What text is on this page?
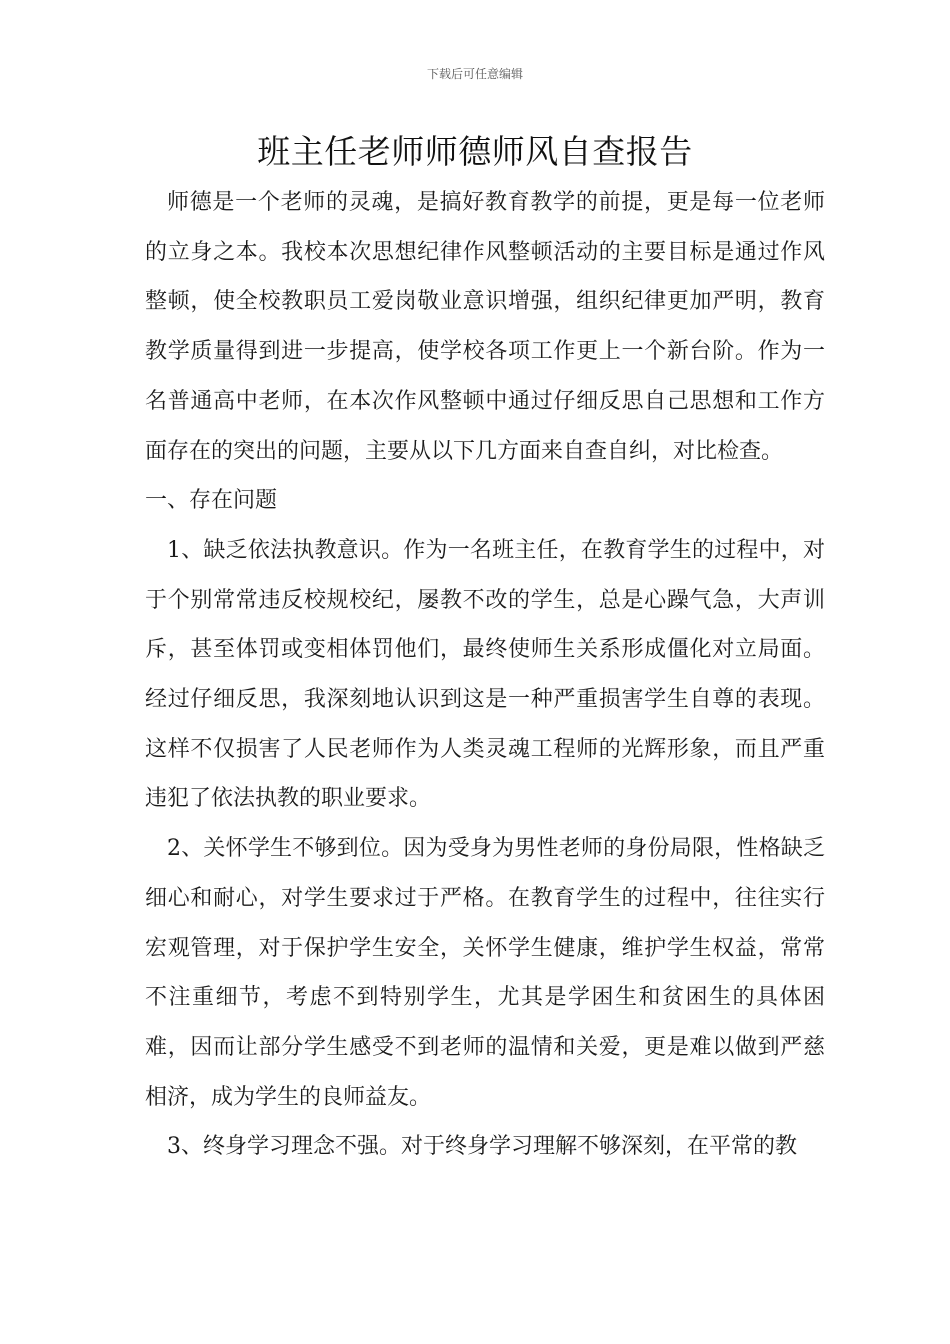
下载后可任意编辑
班主任老师师德师风自查报告

师德是一个老师的灵魂，是搞好教育教学的前提，更是每一位老师的立身之本。我校本次思想纪律作风整顿活动的主要目标是通过作风整顿，使全校教职员工爱岗敬业意识增强，组织纪律更加严明，教育教学质量得到进一步提高，使学校各项工作更上一个新台阶。作为一名普通高中老师，在本次作风整顿中通过仔细反思自己思想和工作方面存在的突出的问题，主要从以下几方面来自查自纠，对比检查。

一、存在问题

1、缺乏依法执教意识。作为一名班主任，在教育学生的过程中，对于个别常常违反校规校纪，屡教不改的学生，总是心躁气急，大声训斥，甚至体罚或变相体罚他们，最终使师生关系形成僵化对立局面。经过仔细反思，我深刻地认识到这是一种严重损害学生自尊的表现。这样不仅损害了人民老师作为人类灵魂工程师的光辉形象，而且严重违犯了依法执教的职业要求。

2、关怀学生不够到位。因为受身为男性老师的身份局限，性格缺乏细心和耐心，对学生要求过于严格。在教育学生的过程中，往往实行宏观管理，对于保护学生安全，关怀学生健康，维护学生权益，常常不注重细节，考虑不到特别学生，尤其是学困生和贫困生的具体困难，因而让部分学生感受不到老师的温情和关爱，更是难以做到严慈相济，成为学生的良师益友。

3、终身学习理念不强。对于终身学习理解不够深刻，在平常的教
